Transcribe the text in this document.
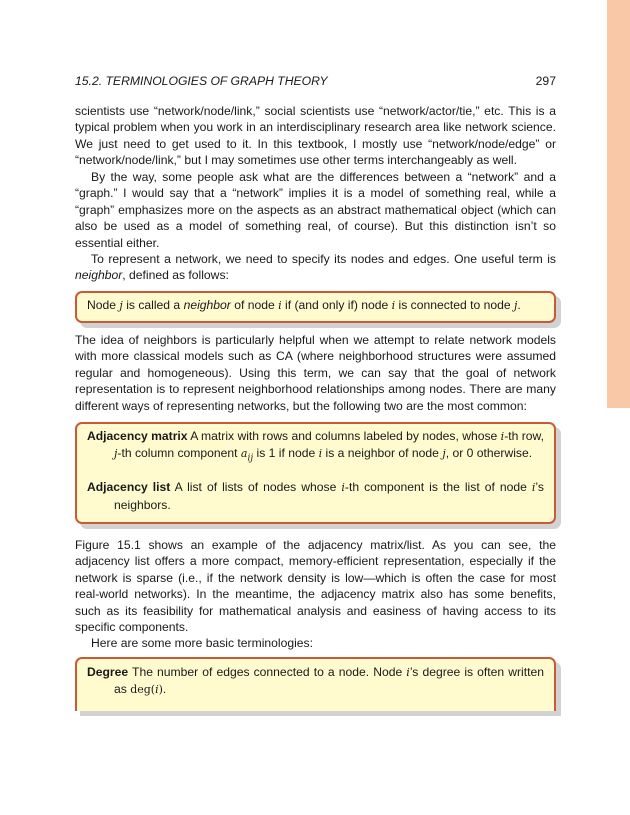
15.2. TERMINOLOGIES OF GRAPH THEORY	297
scientists use “network/node/link,” social scientists use “network/actor/tie,” etc. This is a typical problem when you work in an interdisciplinary research area like network science. We just need to get used to it. In this textbook, I mostly use “network/node/edge” or “network/node/link,” but I may sometimes use other terms interchangeably as well.
By the way, some people ask what are the differences between a “network” and a “graph.” I would say that a “network” implies it is a model of something real, while a “graph” emphasizes more on the aspects as an abstract mathematical object (which can also be used as a model of something real, of course). But this distinction isn’t so essential either.
To represent a network, we need to specify its nodes and edges. One useful term is neighbor, defined as follows:

Node j is called a neighbor of node i if (and only if) node i is connected to node j.

The idea of neighbors is particularly helpful when we attempt to relate network models with more classical models such as CA (where neighborhood structures were assumed regular and homogeneous). Using this term, we can say that the goal of network representation is to represent neighborhood relationships among nodes. There are many different ways of representing networks, but the following two are the most common:

Adjacency matrix A matrix with rows and columns labeled by nodes, whose i-th row, j-th column component $a_{ij}$ is 1 if node i is a neighbor of node j, or 0 otherwise.

Adjacency list A list of lists of nodes whose i-th component is the list of node i’s neighbors.

Figure 15.1 shows an example of the adjacency matrix/list. As you can see, the adjacency list offers a more compact, memory-efficient representation, especially if the network is sparse (i.e., if the network density is low—which is often the case for most real-world networks). In the meantime, the adjacency matrix also has some benefits, such as its feasibility for mathematical analysis and easiness of having access to its specific components.
Here are some more basic terminologies:

Degree The number of edges connected to a node. Node i’s degree is often written as deg(i).
